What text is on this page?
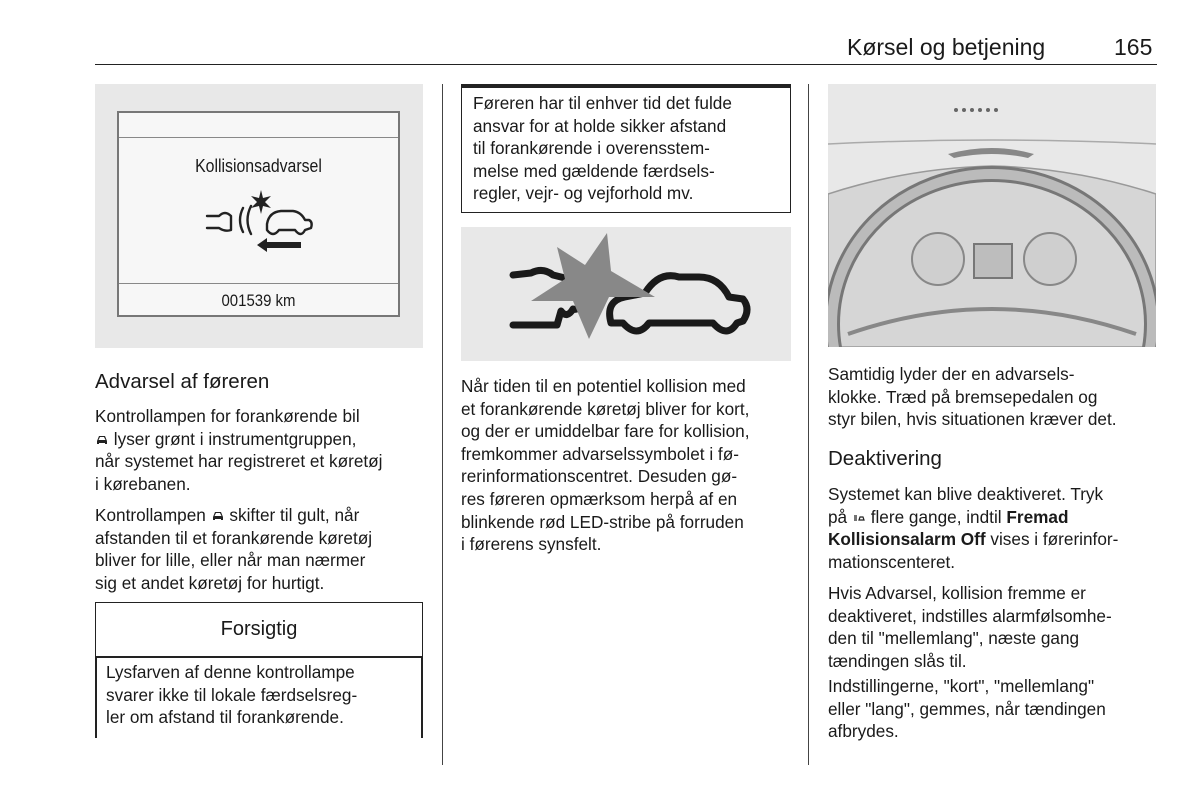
Kørsel og betjening	165
Kollisionsadvarsel
001539 km
Advarsel af føreren

Kontrollampen for forankørende bil

lyser grønt i instrumentgruppen,

når systemet har registreret et køretøj

i kørebanen.

Kontrollampen skifter til gult, når

afstanden til et forankørende køretøj

bliver for lille, eller når man nærmer

sig et andet køretøj for hurtigt.

Forsigtig

Lysfarven af denne kontrollampe

svarer ikke til lokale færdselsreg-

ler om afstand til forankørende.

Føreren har til enhver tid det fulde

ansvar for at holde sikker afstand

til forankørende i overensstem-

melse med gældende færdsels-

regler, vejr- og vejforhold mv.

Når tiden til en potentiel kollision med

et forankørende køretøj bliver for kort,

og der er umiddelbar fare for kollision,

fremkommer advarselssymbolet i fø-

rerinformationscentret. Desuden gø-

res føreren opmærksom herpå af en

blinkende rød LED-stribe på forruden

i førerens synsfelt.

Samtidig lyder der en advarsels-

klokke. Træd på bremsepedalen og

styr bilen, hvis situationen kræver det.

Deaktivering

Systemet kan blive deaktiveret. Tryk

på flere gange, indtil Fremad

Kollisionsalarm Off vises i førerinfor-

mationscenteret.

Hvis Advarsel, kollision fremme er

deaktiveret, indstilles alarmfølsomhe-

den til "mellemlang", næste gang

tændingen slås til.

Indstillingerne, "kort", "mellemlang"

eller "lang", gemmes, når tændingen

afbrydes.
